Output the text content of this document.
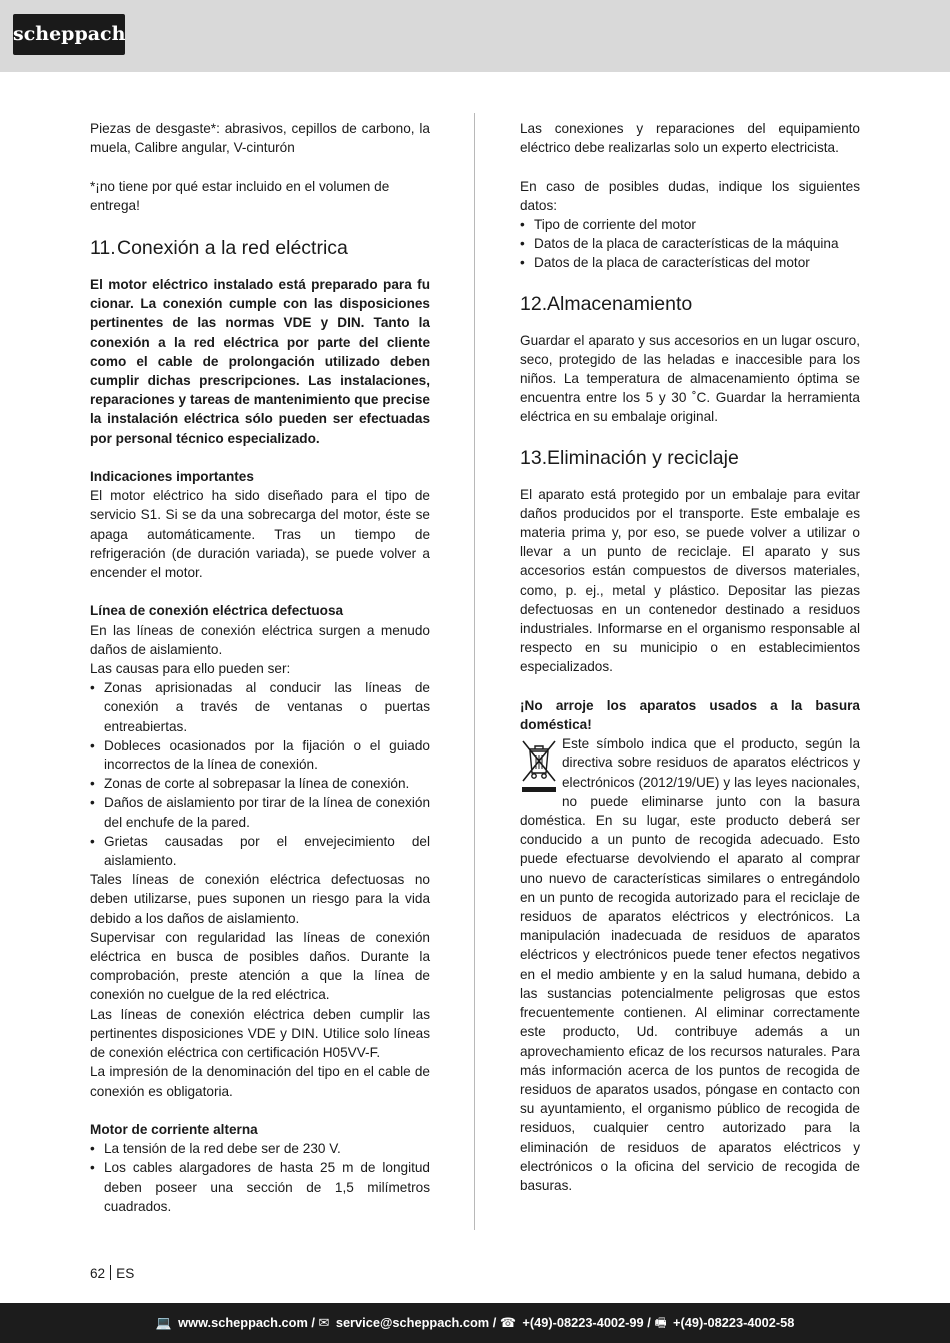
scheppach

Piezas de desgaste*: abrasivos, cepillos de carbono, la muela, Calibre angular, V-cinturón

*¡no tiene por qué estar incluido en el volumen de entrega!

11. Conexión a la red eléctrica

El motor eléctrico instalado está preparado para fu cionar. La conexión cumple con las disposiciones pertinentes de las normas VDE y DIN. Tanto la conexión a la red eléctrica por parte del cliente como el cable de prolongación utilizado deben cumplir dichas prescripciones. Las instalaciones, reparaciones y tareas de mantenimiento que precise la instalación eléctrica sólo pueden ser efectuadas por personal técnico especializado.

Indicaciones importantes

El motor eléctrico ha sido diseñado para el tipo de servicio S1. Si se da una sobrecarga del motor, éste se apaga automáticamente. Tras un tiempo de refrigeración (de duración variada), se puede volver a encender el motor.

Línea de conexión eléctrica defectuosa

En las líneas de conexión eléctrica surgen a menudo daños de aislamiento.

Las causas para ello pueden ser:

• Zonas aprisionadas al conducir las líneas de conexión a través de ventanas o puertas entreabiertas.
• Dobleces ocasionados por la fijación o el guiado incorrectos de la línea de conexión.
• Zonas de corte al sobrepasar la línea de conexión.
• Daños de aislamiento por tirar de la línea de conexión del enchufe de la pared.
• Grietas causadas por el envejecimiento del aislamiento.

Tales líneas de conexión eléctrica defectuosas no deben utilizarse, pues suponen un riesgo para la vida debido a los daños de aislamiento.

Supervisar con regularidad las líneas de conexión eléctrica en busca de posibles daños. Durante la comprobación, preste atención a que la línea de conexión no cuelgue de la red eléctrica.

Las líneas de conexión eléctrica deben cumplir las pertinentes disposiciones VDE y DIN. Utilice solo líneas de conexión eléctrica con certificación H05VV-F.

La impresión de la denominación del tipo en el cable de conexión es obligatoria.

Motor de corriente alterna

• La tensión de la red debe ser de 230 V.
• Los cables alargadores de hasta 25 m de longitud deben poseer una sección de 1,5 milímetros cuadrados.

Las conexiones y reparaciones del equipamiento eléctrico debe realizarlas solo un experto electricista.

En caso de posibles dudas, indique los siguientes datos:

• Tipo de corriente del motor
• Datos de la placa de características de la máquina
• Datos de la placa de características del motor
12. Almacenamiento

Guardar el aparato y sus accesorios en un lugar oscuro, seco, protegido de las heladas e inaccesible para los niños. La temperatura de almacenamiento óptima se encuentra entre los 5 y 30 ˚C. Guardar la herramienta eléctrica en su embalaje original.

13. Eliminación y reciclaje

El aparato está protegido por un embalaje para evitar daños producidos por el transporte. Este embalaje es materia prima y, por eso, se puede volver a utilizar o llevar a un punto de reciclaje. El aparato y sus accesorios están compuestos de diversos materiales, como, p. ej., metal y plástico. Depositar las piezas defectuosas en un contenedor destinado a residuos industriales. Informarse en el organismo responsable al respecto en su municipio o en establecimientos especializados.

¡No arroje los aparatos usados a la basura doméstica!

Este símbolo indica que el producto, según la directiva sobre residuos de aparatos eléctricos y electrónicos (2012/19/UE) y las leyes nacionales, no puede eliminarse junto con la basura doméstica. En su lugar, este producto deberá ser conducido a un punto de recogida adecuado. Esto puede efectuarse devolviendo el aparato al comprar uno nuevo de características similares o entregándolo en un punto de recogida autorizado para el reciclaje de residuos de aparatos eléctricos y electrónicos. La manipulación inadecuada de residuos de aparatos eléctricos y electrónicos puede tener efectos negativos en el medio ambiente y en la salud humana, debido a las sustancias potencialmente peligrosas que estos frecuentemente contienen. Al eliminar correctamente este producto, Ud. contribuye además a un aprovechamiento eficaz de los recursos naturales. Para más información acerca de los puntos de recogida de residuos de aparatos usados, póngase en contacto con su ayuntamiento, el organismo público de recogida de residuos, cualquier centro autorizado para la eliminación de residuos de aparatos eléctricos y electrónicos o la oficina del servicio de recogida de basuras.

62 ES
💻 www.scheppach.com / ✉ service@scheppach.com / ☎ +(49)-08223-4002-99 / 🖷 +(49)-08223-4002-58
